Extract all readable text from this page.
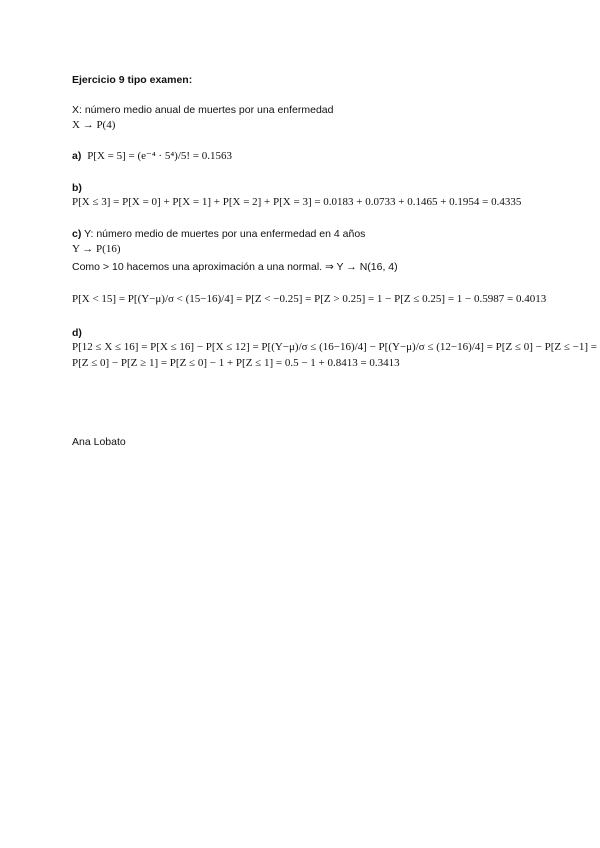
Ejercicio 9 tipo examen:
X: número medio anual de muertes por una enfermedad
X → P(4)
a) P[X = 5] = (e⁻⁴ · 5⁴)/5! = 0.1563
b)
P[X ≤ 3] = P[X = 0] + P[X = 1] + P[X = 2] + P[X = 3] = 0.0183 + 0.0733 + 0.1465 + 0.1954 = 0.4335
c) Y: número medio de muertes por una enfermedad en 4 años
Y → P(16)
Como > 10 hacemos una aproximación a una normal. ⇒ Y → N(16, 4)
P[X < 15] = P[(Y−μ)/σ < (15−16)/4] = P[Z < −0.25] = P[Z > 0.25] = 1 − P[Z ≤ 0.25] = 1 − 0.5987 = 0.4013
d)
P[12 ≤ X ≤ 16] = P[X ≤ 16] − P[X ≤ 12] = P[(Y−μ)/σ ≤ (16−16)/4] − P[(Y−μ)/σ ≤ (12−16)/4] = P[Z ≤ 0] − P[Z ≤ −1] =
P[Z ≤ 0] − P[Z ≥ 1] = P[Z ≤ 0] − 1 + P[Z ≤ 1] = 0.5 − 1 + 0.8413 = 0.3413
Ana Lobato
